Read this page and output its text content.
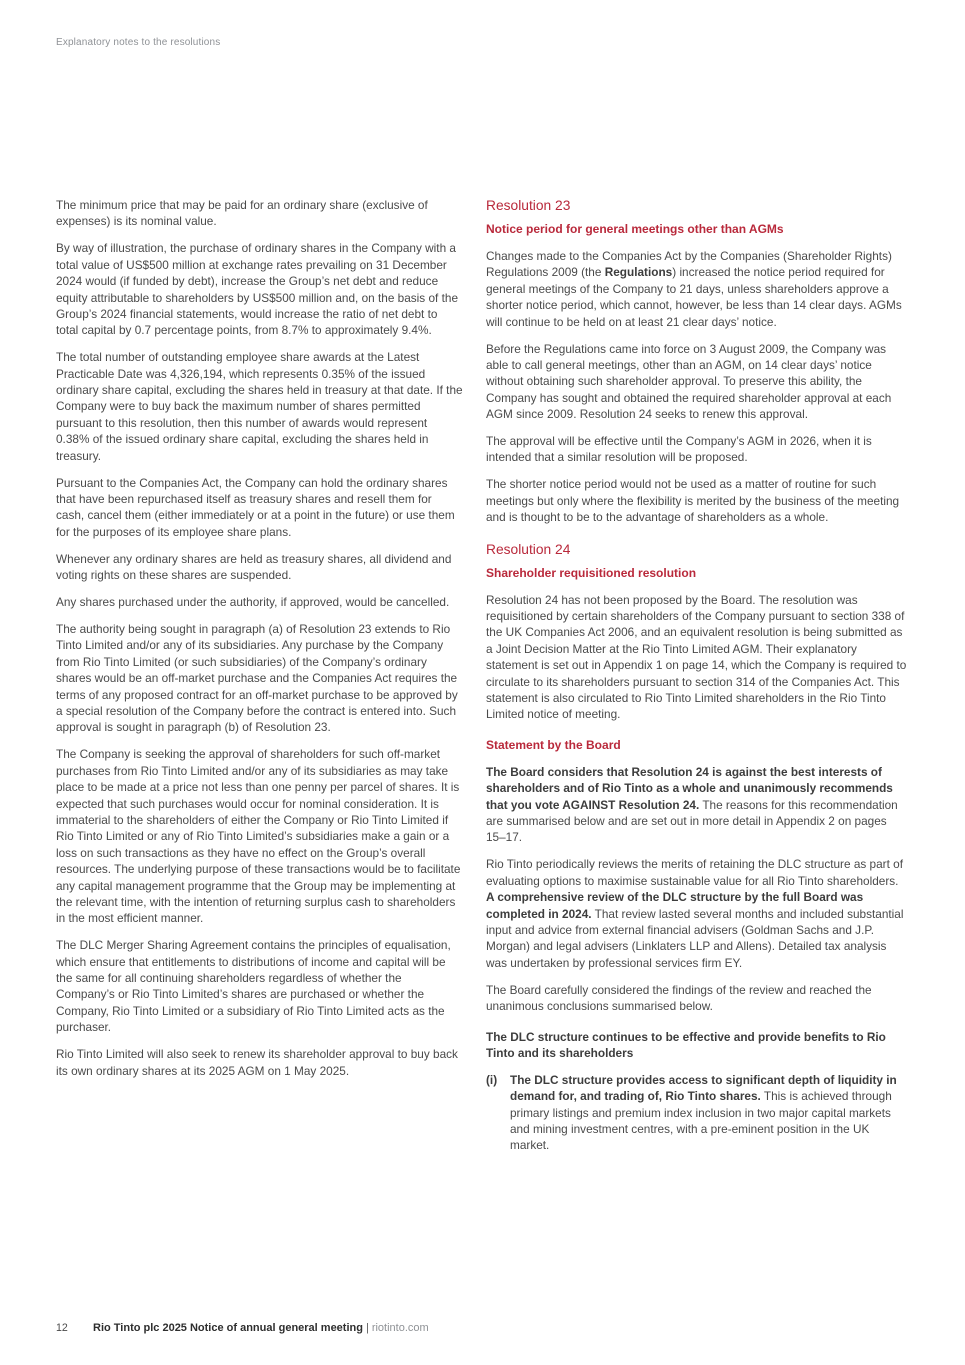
Explanatory notes to the resolutions

The minimum price that may be paid for an ordinary share (exclusive of expenses) is its nominal value.

By way of illustration, the purchase of ordinary shares in the Company with a total value of US$500 million at exchange rates prevailing on 31 December 2024 would (if funded by debt), increase the Group’s net debt and reduce equity attributable to shareholders by US$500 million and, on the basis of the Group’s 2024 financial statements, would increase the ratio of net debt to total capital by 0.7 percentage points, from 8.7% to approximately 9.4%.

The total number of outstanding employee share awards at the Latest Practicable Date was 4,326,194, which represents 0.35% of the issued ordinary share capital, excluding the shares held in treasury at that date. If the Company were to buy back the maximum number of shares permitted pursuant to this resolution, then this number of awards would represent 0.38% of the issued ordinary share capital, excluding the shares held in treasury.

Pursuant to the Companies Act, the Company can hold the ordinary shares that have been repurchased itself as treasury shares and resell them for cash, cancel them (either immediately or at a point in the future) or use them for the purposes of its employee share plans.

Whenever any ordinary shares are held as treasury shares, all dividend and voting rights on these shares are suspended.

Any shares purchased under the authority, if approved, would be cancelled.

The authority being sought in paragraph (a) of Resolution 23 extends to Rio Tinto Limited and/or any of its subsidiaries. Any purchase by the Company from Rio Tinto Limited (or such subsidiaries) of the Company’s ordinary shares would be an off-market purchase and the Companies Act requires the terms of any proposed contract for an off-market purchase to be approved by a special resolution of the Company before the contract is entered into. Such approval is sought in paragraph (b) of Resolution 23.

The Company is seeking the approval of shareholders for such off-market purchases from Rio Tinto Limited and/or any of its subsidiaries as may take place to be made at a price not less than one penny per parcel of shares. It is expected that such purchases would occur for nominal consideration. It is immaterial to the shareholders of either the Company or Rio Tinto Limited if Rio Tinto Limited or any of Rio Tinto Limited’s subsidiaries make a gain or a loss on such transactions as they have no effect on the Group’s overall resources. The underlying purpose of these transactions would be to facilitate any capital management programme that the Group may be implementing at the relevant time, with the intention of returning surplus cash to shareholders in the most efficient manner.

The DLC Merger Sharing Agreement contains the principles of equalisation, which ensure that entitlements to distributions of income and capital will be the same for all continuing shareholders regardless of whether the Company’s or Rio Tinto Limited’s shares are purchased or whether the Company, Rio Tinto Limited or a subsidiary of Rio Tinto Limited acts as the purchaser.

Rio Tinto Limited will also seek to renew its shareholder approval to buy back its own ordinary shares at its 2025 AGM on 1 May 2025.

Resolution 23
Notice period for general meetings other than AGMs

Changes made to the Companies Act by the Companies (Shareholder Rights) Regulations 2009 (the Regulations) increased the notice period required for general meetings of the Company to 21 days, unless shareholders approve a shorter notice period, which cannot, however, be less than 14 clear days. AGMs will continue to be held on at least 21 clear days’ notice.

Before the Regulations came into force on 3 August 2009, the Company was able to call general meetings, other than an AGM, on 14 clear days’ notice without obtaining such shareholder approval. To preserve this ability, the Company has sought and obtained the required shareholder approval at each AGM since 2009. Resolution 24 seeks to renew this approval.

The approval will be effective until the Company’s AGM in 2026, when it is intended that a similar resolution will be proposed.

The shorter notice period would not be used as a matter of routine for such meetings but only where the flexibility is merited by the business of the meeting and is thought to be to the advantage of shareholders as a whole.

Resolution 24
Shareholder requisitioned resolution

Resolution 24 has not been proposed by the Board. The resolution was requisitioned by certain shareholders of the Company pursuant to section 338 of the UK Companies Act 2006, and an equivalent resolution is being submitted as a Joint Decision Matter at the Rio Tinto Limited AGM. Their explanatory statement is set out in Appendix 1 on page 14, which the Company is required to circulate to its shareholders pursuant to section 314 of the Companies Act. This statement is also circulated to Rio Tinto Limited shareholders in the Rio Tinto Limited notice of meeting.

Statement by the Board

The Board considers that Resolution 24 is against the best interests of shareholders and of Rio Tinto as a whole and unanimously recommends that you vote AGAINST Resolution 24. The reasons for this recommendation are summarised below and are set out in more detail in Appendix 2 on pages 15–17.

Rio Tinto periodically reviews the merits of retaining the DLC structure as part of evaluating options to maximise sustainable value for all Rio Tinto shareholders. A comprehensive review of the DLC structure by the full Board was completed in 2024. That review lasted several months and included substantial input and advice from external financial advisers (Goldman Sachs and J.P. Morgan) and legal advisers (Linklaters LLP and Allens). Detailed tax analysis was undertaken by professional services firm EY.

The Board carefully considered the findings of the review and reached the unanimous conclusions summarised below.

The DLC structure continues to be effective and provide benefits to Rio Tinto and its shareholders
(i)	The DLC structure provides access to significant depth of liquidity in demand for, and trading of, Rio Tinto shares. This is achieved through primary listings and premium index inclusion in two major capital markets and mining investment centres, with a pre-eminent position in the UK market.
12 Rio Tinto plc 2025 Notice of annual general meeting | riotinto.com
